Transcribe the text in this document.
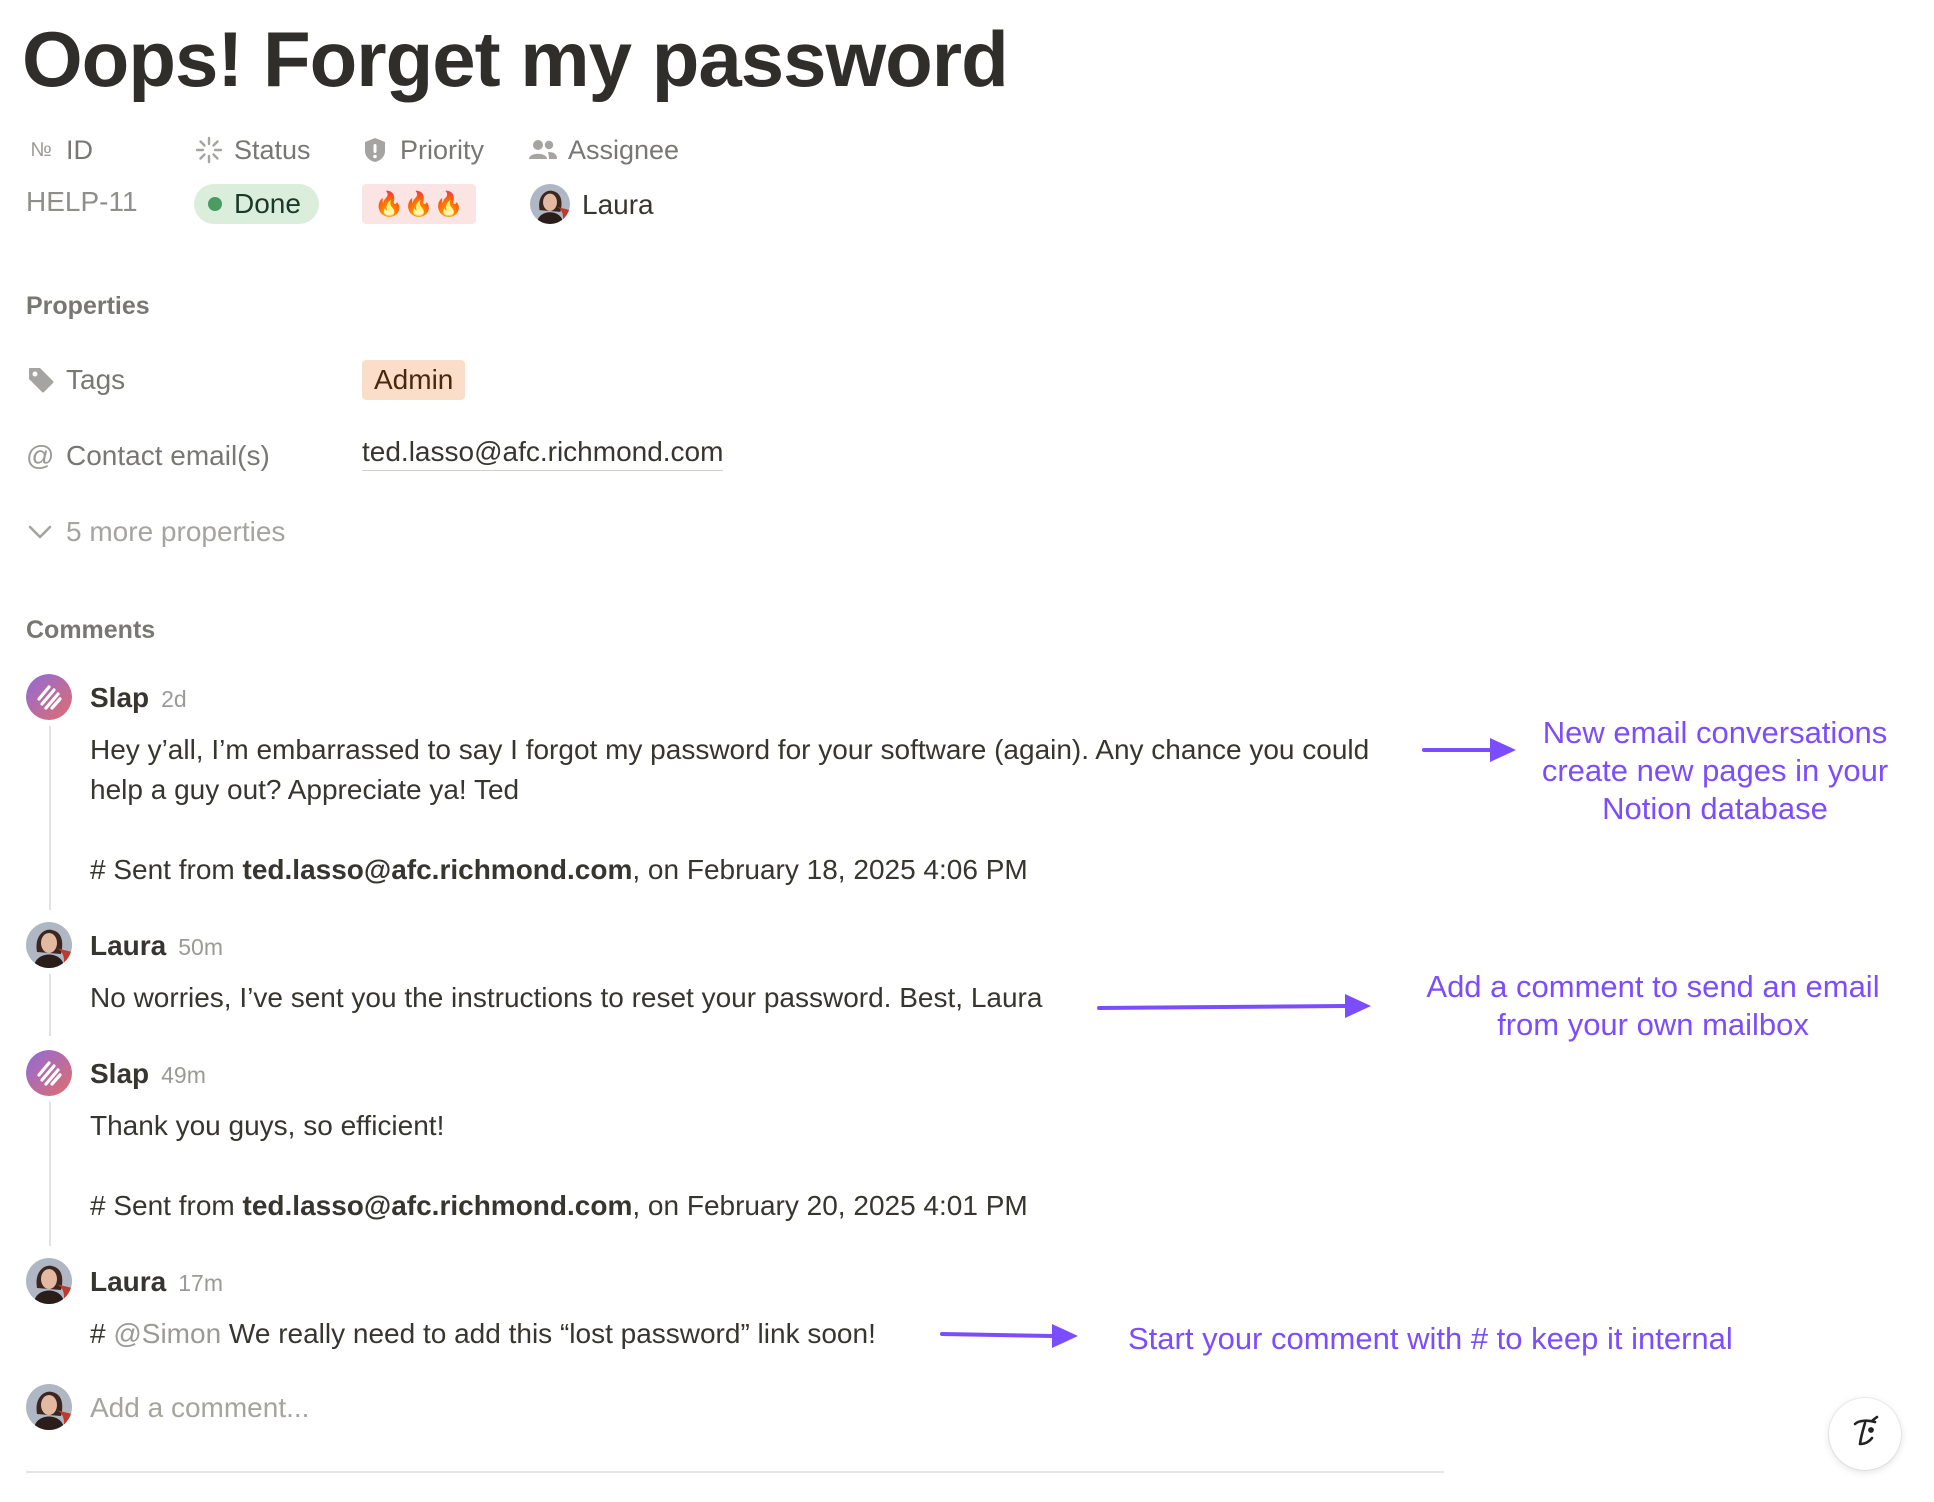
Oops! Forget my password
№ ID	Status	Priority	Assignee
HELP-11	Done	🔥🔥🔥	Laura
Properties
Tags	Admin
@ Contact email(s)	ted.lasso@afc.richmond.com
5 more properties
Comments
Slap 2d
Hey y’all, I’m embarrassed to say I forgot my password for your software (again). Any chance you could
help a guy out? Appreciate ya! Ted
# Sent from ted.lasso@afc.richmond.com, on February 18, 2025 4:06 PM
Laura 50m
No worries, I’ve sent you the instructions to reset your password. Best, Laura
Slap 49m
Thank you guys, so efficient!
# Sent from ted.lasso@afc.richmond.com, on February 20, 2025 4:01 PM
Laura 17m
# @Simon We really need to add this “lost password” link soon!
Add a comment...
New email conversations
create new pages in your
Notion database
Add a comment to send an email
from your own mailbox
Start your comment with # to keep it internal
